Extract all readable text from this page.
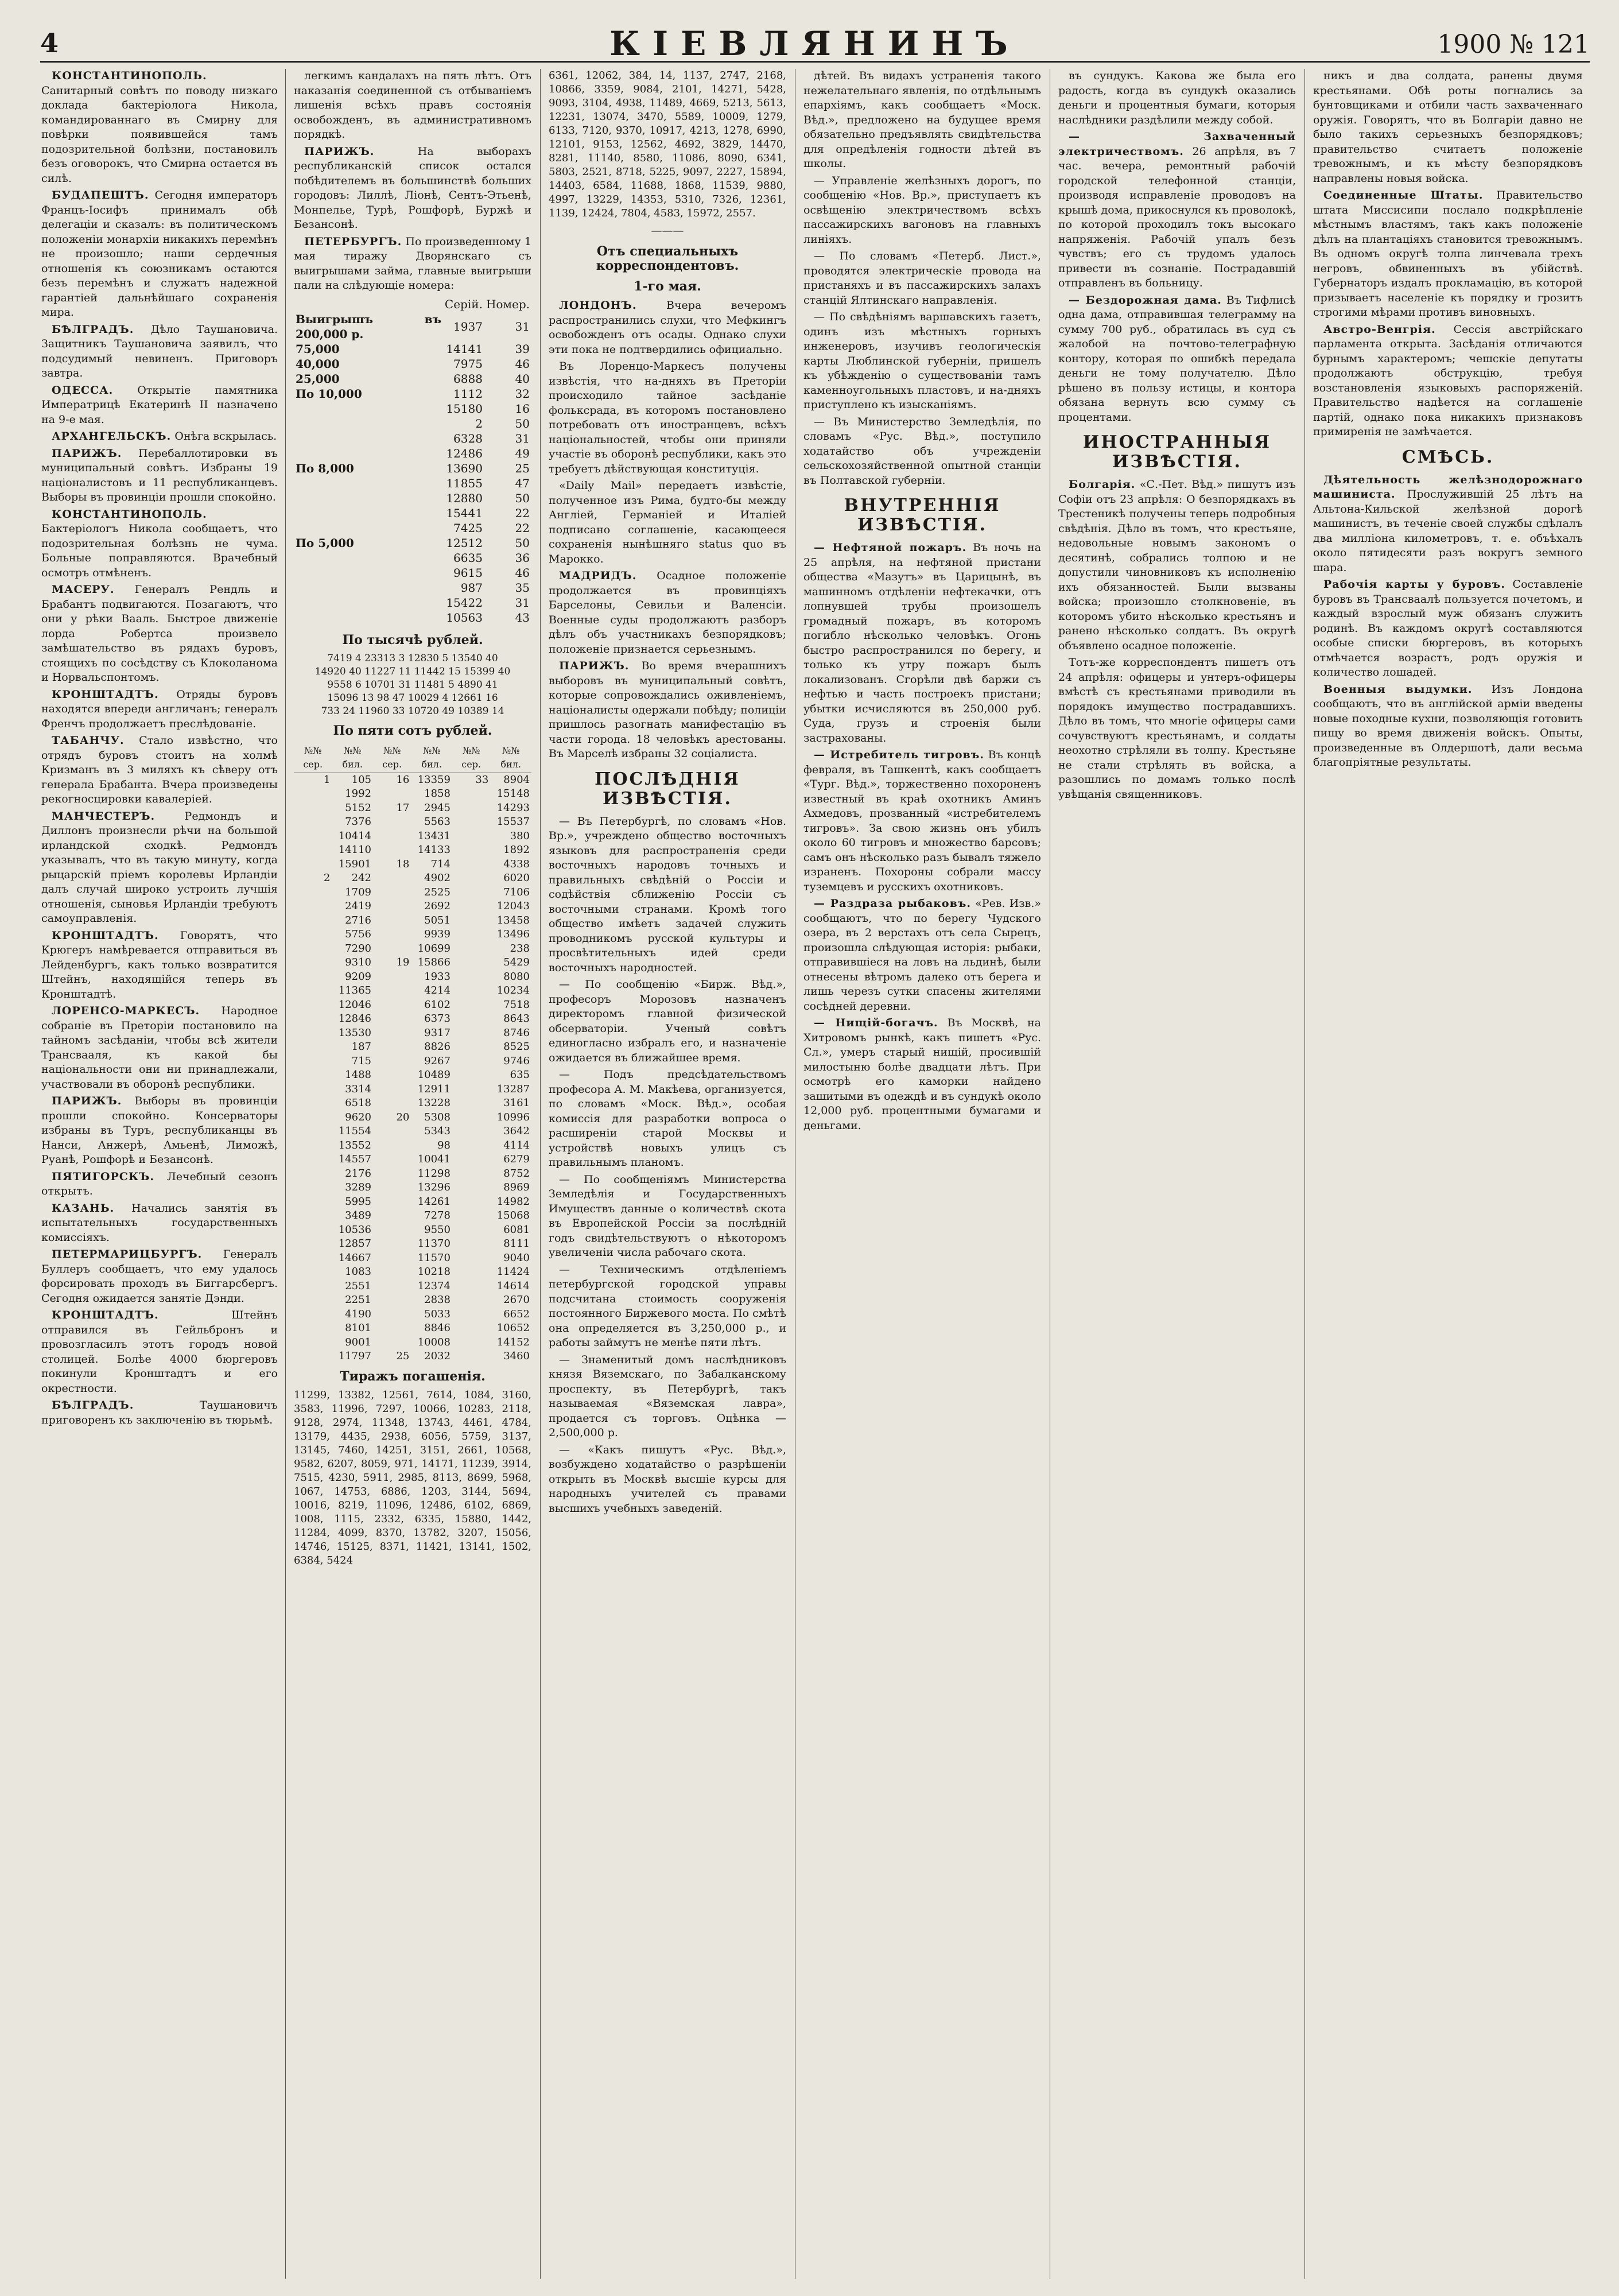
4	КІЕВЛЯНИНЪ	1900 № 121

КОНСТАНТИНОПОЛЬ. Санитарный совѣтъ по поводу низкаго доклада бактеріолога Никола, командированнаго въ Смирну для повѣрки появившейся тамъ подозрительной болѣзни, постановилъ безъ оговорокъ, что Смирна остается въ силѣ.

БУДАПЕШТЪ. Сегодня императоръ Францъ-Іосифъ принималъ обѣ делегаціи и сказалъ: въ политическомъ положеніи монархіи никакихъ перемѣнъ не произошло; наши сердечныя отношенія къ союзникамъ остаются безъ перемѣнъ и служатъ надежной гарантіей дальнѣйшаго сохраненія мира.

БѢЛГРАДЪ. Дѣло Таушановича. Защитникъ Таушановича заявилъ, что подсудимый невиненъ. Приговоръ завтра.

ОДЕССА. Открытіе памятника Императрицѣ Екатеринѣ II назначено на 9-е мая.

АРХАНГЕЛЬСКЪ. Онѣга вскрылась.

ПАРИЖЪ. Перебаллотировки въ муниципальный совѣтъ. Избраны 19 націоналистовъ и 11 республиканцевъ. Выборы въ провинціи прошли спокойно.

КОНСТАНТИНОПОЛЬ. Бактеріологъ Никола сообщаетъ, что подозрительная болѣзнь не чума. Больные поправляются. Врачебный осмотръ отмѣненъ.

МАСЕРУ. Генералъ Рендль и Брабантъ подвигаются. Позагаютъ, что они у рѣки Вааль. Быстрое движеніе лорда Робертса произвело замѣшательство въ рядахъ буровъ, стоящихъ по сосѣдству съ Клоколанома и Норвальспонтомъ.

КРОНШТАДТЪ. Отряды буровъ находятся впереди англичанъ; генералъ Френчъ продолжаетъ преслѣдованіе.

ТАБАНЧУ. Стало извѣстно, что отрядъ буровъ стоитъ на холмѣ Кризманъ въ 3 миляхъ къ сѣверу отъ генерала Брабанта. Вчера произведены рекогносцировки кавалеріей.

МАНЧЕСТЕРЪ.	Редмондъ и Диллонъ произнесли рѣчи на большой ирландской сходкѣ. Редмондъ указывалъ, что въ такую минуту, когда рыцарскій пріемъ королевы Ирландіи далъ случай широко устроить лучшія отношенія, сыновья Ирландіи требуютъ самоуправленія.

КРОНШТАДТЪ. Говорятъ, что Крюгеръ намѣревается отправиться въ Лейденбургъ, какъ только возвратится Штейнъ, находящійся теперь въ Кронштадтѣ.

ЛОРЕНСО-МАРКЕСЪ. Народное собраніе въ Преторіи постановило на тайномъ засѣданіи, чтобы всѣ жители Трансвааля, къ какой бы національности они ни принадлежали, участвовали въ оборонѣ республики.

ПАРИЖЪ. Выборы въ провинціи прошли спокойно. Консерваторы избраны въ Туръ, республиканцы въ Нанси, Анжерѣ, Амьенѣ, Лиможѣ, Руанѣ, Рошфорѣ и Безансонѣ.

ПЯТИГОРСКЪ. Лечебный сезонъ открытъ.

КАЗАНЬ. Начались занятія въ испытательныхъ государственныхъ комиссіяхъ.

ПЕТЕРМАРИЦБУРГЪ. Генералъ Буллеръ сообщаетъ, что ему удалось форсировать проходъ въ Биггарсбергъ. Сегодня ожидается занятіе Дэнди.

КРОНШТАДТЪ.	Штейнъ отправился въ Гейльбронъ и провозгласилъ этотъ городъ новой столицей. Болѣе 4000 бюргеровъ покинули Кронштадтъ и его окрестности.

БѢЛГРАДЪ.	Таушановичъ приговоренъ къ заключенію въ тюрьмѣ.

легкимъ кандалахъ на пять лѣтъ. Отъ наказанія соединенной съ отбываніемъ лишенія всѣхъ правъ состоянія освобожденъ, въ административномъ порядкѣ.

ПАРИЖЪ.	На выборахъ республиканскій список остался побѣдителемъ въ большинствѣ больших городовъ: Лиллѣ, Ліонѣ, Сентъ-Этьенѣ, Монпелье, Турѣ, Рошфорѣ, Буржѣ и Безансонѣ.

ПЕТЕРБУРГЪ. По произведенному 1 мая тиражу Дворянскаго съ выигрышами займа, главные выигрыши пали на слѣдующіе номера:

	Серій.	Номер.
Выигрышъ въ 200,000 р.	1937	31
75,000	14141	39
40,000	7975	46
25,000	6888	40
По 10,000	1112	32
	15180	16
	2	50
	6328	31
	12486	49
По 8,000	13690	25
	11855	47
	12880	50
	15441	22
	7425	22
По 5,000	12512	50
	6635	36
	9615	46
	987	35
	15422	31
	10563	43
По тысячѣ рублей.
7419 4 23313 3 12830 5 13540 40
14920 40 11227 11 11442 15 15399 40
9558 6 10701 31 11481 5 4890 41
15096 13 98 47 10029 4 12661 16
733 24 11960 33 10720 49 10389 14
По пяти сотъ рублей.
№№ сер.	№№ бил.	№№ сер.	№№ бил.	№№ сер.	№№ бил.
1	105	16	13359	33	8904
	1992		1858		15148
	5152	17	2945		14293
	7376		5563		15537
	10414		13431		380
	14110		14133		1892
	15901	18	714		4338
2	242		4902		6020
	1709		2525		7106
	2419		2692		12043
	2716		5051		13458
	5756		9939		13496
	7290		10699		238
	9310	19	15866		5429
	9209		1933		8080
	11365		4214		10234
	12046		6102		7518
	12846		6373		8643
	13530		9317		8746
	187		8826		8525
	715		9267		9746
	1488		10489		635
	3314		12911		13287
	6518		13228		3161
	9620	20	5308		10996
	11554		5343		3642
	13552		98		4114
	14557		10041		6279
	2176		11298		8752
	3289		13296		8969
	5995		14261		14982
	3489		7278		15068
	10536		9550		6081
	12857		11370		8111
	14667		11570		9040
	1083		10218		11424
	2551		12374		14614
	2251		2838		2670
	4190		5033		6652
	8101		8846		10652
	9001		10008		14152
	11797	25	2032		3460
Тиражъ погашенія.
11299, 13382, 12561, 7614, 1084, 3160, 3583, 11996, 7297, 10066, 10283, 2118, 9128, 2974, 11348, 13743, 4461, 4784, 13179, 4435, 2938, 6056, 5759, 3137, 13145, 7460, 14251, 3151, 2661, 10568, 9582, 6207, 8059, 971, 14171, 11239, 3914, 7515, 4230, 5911, 2985, 8113, 8699, 5968, 1067, 14753, 6886, 1203, 3144, 5694, 10016, 8219, 11096, 12486, 6102, 6869, 1008, 1115, 2332, 6335, 15880, 1442, 11284, 4099, 8370, 13782, 3207, 15056, 14746, 15125, 8371, 11421, 13141, 1502, 6384, 5424
6361, 12062, 384, 14, 1137, 2747, 2168, 10866, 3359, 9084, 2101, 14271, 5428, 9093, 3104, 4938, 11489, 4669, 5213, 5613, 12231, 13074, 3470, 5589, 10009, 1279, 6133, 7120, 9370, 10917, 4213, 1278, 6990, 12101, 9153, 12562, 4692, 3829, 14470, 8281, 11140, 8580, 11086, 8090, 6341, 5803, 2521, 8718, 5225, 9097, 2227, 15894, 14403, 6584, 11688, 1868, 11539, 9880, 4997, 13229, 14353, 5310, 7326, 12361, 1139, 12424, 7804, 4583, 15972, 2557.
———
Отъ специальныхъ корреспондентовъ.
1-го мая.

ЛОНДОНЪ.	Вчера вечеромъ распространились слухи, что Мефкингъ освобожденъ отъ осады. Однако слухи эти пока не подтвердились официально.

Въ Лоренцо-Маркесъ получены извѣстія, что на-дняхъ въ Преторіи происходило тайное засѣданіе фольксрада, въ которомъ постановлено потребовать отъ иностранцевъ, всѣхъ національностей, чтобы они приняли участіе въ оборонѣ республики, какъ это требуетъ дѣйствующая конституція.

«Daily Mail» передаетъ извѣстіе, полученное изъ Рима, будто-бы между Англіей, Германіей и Италіей подписано соглашеніе, касающееся сохраненія нынѣшняго status quo въ Марокко.

МАДРИДЪ. Осадное положеніе продолжается въ провинціяхъ Барселоны, Севильи и Валенсіи. Военные суды продолжаютъ разборъ дѣлъ объ участникахъ безпорядковъ; положеніе признается серьезнымъ.

ПАРИЖЪ. Во время вчерашнихъ выборовъ въ муниципальный совѣтъ, которые сопровождались оживленіемъ, націоналисты одержали побѣду; полиціи пришлось разогнать манифестацію въ части города. 18 человѣкъ арестованы. Въ Марселѣ избраны 32 соціалиста.

ПОСЛѢДНІЯ ИЗВѢСТІЯ.

— Въ Петербургѣ, по словамъ «Нов. Вр.», учреждено общество восточныхъ языковъ для распространенія среди восточныхъ народовъ точныхъ и правильныхъ свѣдѣній о Россіи и содѣйствія сближенію Россіи съ восточными странами. Кромѣ того общество имѣетъ задачей служить проводникомъ русской культуры и просвѣтительныхъ идей среди восточныхъ народностей.

— По сообщенію «Бирж. Вѣд.», професоръ Морозовъ назначенъ директоромъ главной физической обсерваторіи. Ученый совѣтъ единогласно избралъ его, и назначеніе ожидается въ ближайшее время.

— Подъ предсѣдательствомъ професора А. М. Макѣева, организуется, по словамъ «Моск. Вѣд.», особая комиссія для разработки вопроса о расширеніи старой Москвы и устройствѣ новыхъ улицъ съ правильнымъ планомъ.

— По сообщеніямъ Министерства Земледѣлія и Государственныхъ Имуществъ данные о количествѣ скота въ Европейской Россіи за послѣдній годъ свидѣтельствуютъ о нѣкоторомъ увеличеніи числа рабочаго скота.

— Техническимъ отдѣленіемъ петербургской городской управы подсчитана стоимость сооруженія постоянного Биржевого моста. По смѣтѣ она определяется въ 3,250,000 р., и работы займутъ не менѣе пяти лѣтъ.

— Знаменитый домъ наслѣдниковъ князя Вяземскаго, по Забалканскому проспекту, въ Петербургѣ, такъ называемая «Вяземская лавра», продается съ торговъ. Оцѣнка — 2,500,000 р.

— «Какъ пишутъ «Рус. Вѣд.», возбуждено ходатайство о разрѣшеніи открыть въ Москвѣ высшіе курсы для народныхъ учителей съ правами высшихъ учебныхъ заведеній.

дѣтей. Въ видахъ устраненія такого нежелательнаго явленія, по отдѣльнымъ епархіямъ, какъ сообщаетъ «Моск. Вѣд.», предложено на будущее время обязательно предъявлять свидѣтельства для опредѣленія годности дѣтей въ школы.

— Управленіе желѣзныхъ дорогъ, по сообщенію «Нов. Вр.», приступаетъ къ освѣщенію электричествомъ всѣхъ пассажирскихъ вагоновъ на главныхъ линіяхъ.

— По словамъ «Петерб. Лист.», проводятся электрическіе провода на пристаняхъ и въ пассажирскихъ залахъ станцій Ялтинскаго направленія.

— По свѣдѣніямъ варшавскихъ газетъ, одинъ изъ мѣстныхъ горныхъ инженеровъ, изучивъ геологическія карты Люблинской губерніи, пришелъ къ убѣжденію о существованіи тамъ каменноугольныхъ пластовъ, и на-дняхъ приступлено къ изысканіямъ.

— Въ Министерство Земледѣлія, по словамъ «Рус. Вѣд.», поступило ходатайство объ учрежденіи сельскохозяйственной опытной станціи въ Полтавской губерніи.

ВНУТРЕННІЯ ИЗВѢСТІЯ.

— Нефтяной пожаръ. Въ ночь на 25 апрѣля, на нефтяной пристани общества «Мазутъ» въ Царицынѣ, въ машинномъ отдѣленіи нефтекачки, отъ лопнувшей трубы произошелъ громадный пожаръ, въ которомъ погибло нѣсколько человѣкъ. Огонь быстро распространился по берегу, и только къ утру пожаръ былъ локализованъ. Сгорѣли двѣ баржи съ нефтью и часть построекъ пристани; убытки исчисляются въ 250,000 руб. Суда, грузъ и строенія были застрахованы.

— Истребитель тигровъ. Въ концѣ февраля, въ Ташкентѣ, какъ сообщаетъ «Тург. Вѣд.», торжественно похороненъ известный въ краѣ охотникъ Аминъ Ахмедовъ, прозванный «истребителемъ тигровъ». За свою жизнь онъ убилъ около 60 тигровъ и множество барсовъ; самъ онъ нѣсколько разъ бывалъ тяжело израненъ. Похороны собрали массу туземцевъ и русскихъ охотниковъ.

— Раздраза рыбаковъ. «Рев. Изв.» сообщаютъ, что по берегу Чудского озера, въ 2 верстахъ отъ села Сырецъ, произошла слѣдующая исторія: рыбаки, отправившіеся на ловъ на льдинѣ, были отнесены вѣтромъ далеко отъ берега и лишь черезъ сутки спасены жителями сосѣдней деревни.

— Нищій-богачъ. Въ Москвѣ, на Хитровомъ рынкѣ, какъ пишетъ «Рус. Сл.», умеръ старый нищій, просившій милостыню болѣе двадцати лѣтъ. При осмотрѣ его каморки найдено зашитыми въ одеждѣ и въ сундукѣ около 12,000 руб. процентными бумагами и деньгами.

въ сундукъ. Какова же была его радость, когда въ сундукѣ оказались деньги и процентныя бумаги, которыя наслѣдники раздѣлили между собой.

— Захваченный электричествомъ. 26 апрѣля, въ 7 час. вечера, ремонтный рабочій городской телефонной станціи, производя исправленіе проводовъ на крышѣ дома, прикоснулся къ проволокѣ, по которой проходилъ токъ высокаго напряженія. Рабочій упалъ безъ чувствъ; его съ трудомъ удалось привести въ сознаніе. Пострадавшій отправленъ въ больницу.

— Бездорожная дама. Въ Тифлисѣ одна дама, отправившая телеграмму на сумму 700 руб., обратилась въ суд съ жалобой на почтово-телеграфную контору, которая по ошибкѣ передала деньги не тому получателю. Дѣло рѣшено въ пользу истицы, и контора обязана вернуть всю сумму съ процентами.

ИНОСТРАННЫЯ ИЗВѢСТІЯ.

Болгарія. «С.-Пет. Вѣд.» пишутъ изъ Софіи отъ 23 апрѣля: О безпорядкахъ въ Трестеникѣ получены теперь подробныя свѣдѣнія. Дѣло въ томъ, что крестьяне, недовольные новымъ закономъ о десятинѣ, собрались толпою и не допустили чиновниковъ къ исполненію ихъ обязанностей. Были вызваны войска; произошло столкновеніе, въ которомъ убито нѣсколько крестьянъ и ранено нѣсколько солдатъ. Въ округѣ объявлено осадное положеніе.

Тотъ-же корреспондентъ пишетъ отъ 24 апрѣля: офицеры и унтеръ-офицеры вмѣстѣ съ крестьянами приводили въ порядокъ имущество пострадавшихъ. Дѣло въ томъ, что многіе офицеры сами сочувствуютъ крестьянамъ, и солдаты неохотно стрѣляли въ толпу. Крестьяне не стали стрѣлять въ войска, а разошлись по домамъ только послѣ увѣщанія священниковъ.

никъ и два солдата, ранены двумя крестьянами. Обѣ роты погнались за бунтовщиками и отбили часть захваченнаго оружія. Говорятъ, что въ Болгаріи давно не было такихъ серьезныхъ безпорядковъ; правительство считаетъ положеніе тревожнымъ, и къ мѣсту безпорядковъ направлены новыя войска.

Соединенные Штаты. Правительство штата Миссисипи послало подкрѣпленіе мѣстнымъ властямъ, такъ какъ положеніе дѣлъ на плантаціяхъ становится тревожнымъ. Въ одномъ округѣ толпа линчевала трехъ негровъ, обвиненныхъ въ убійствѣ. Губернаторъ издалъ прокламацію, въ которой призываетъ населеніе къ порядку и грозитъ строгими мѣрами противъ виновныхъ.

Австро-Венгрія. Сессія австрійскаго парламента открыта. Засѣданія отличаются бурнымъ характеромъ; чешскіе депутаты продолжаютъ обструкцію, требуя возстановленія языковыхъ распоряженій. Правительство надѣется на соглашеніе партій, однако пока никакихъ признаковъ примиренія не замѣчается.

СМѢСЬ.

Дѣятельность желѣзнодорожнаго машиниста. Прослужившій 25 лѣтъ на Альтона-Кильской желѣзной дорогѣ машинистъ, въ теченіе своей службы сдѣлалъ два милліона километровъ, т. е. объѣхалъ около пятидесяти разъ вокругъ земного шара.

Рабочія карты у буровъ. Составленіе буровъ въ Трансваалѣ пользуется почетомъ, и каждый взрослый муж обязанъ служить родинѣ. Въ каждомъ округѣ составляются особые списки бюргеровъ, въ которыхъ отмѣчается возрастъ, родъ оружія и количество лошадей.

Военныя выдумки. Изъ Лондона сообщаютъ, что въ англійской арміи введены новые походные кухни, позволяющія готовить пищу во время движенія войскъ. Опыты, произведенные въ Олдершотѣ, дали весьма благопріятные результаты.
